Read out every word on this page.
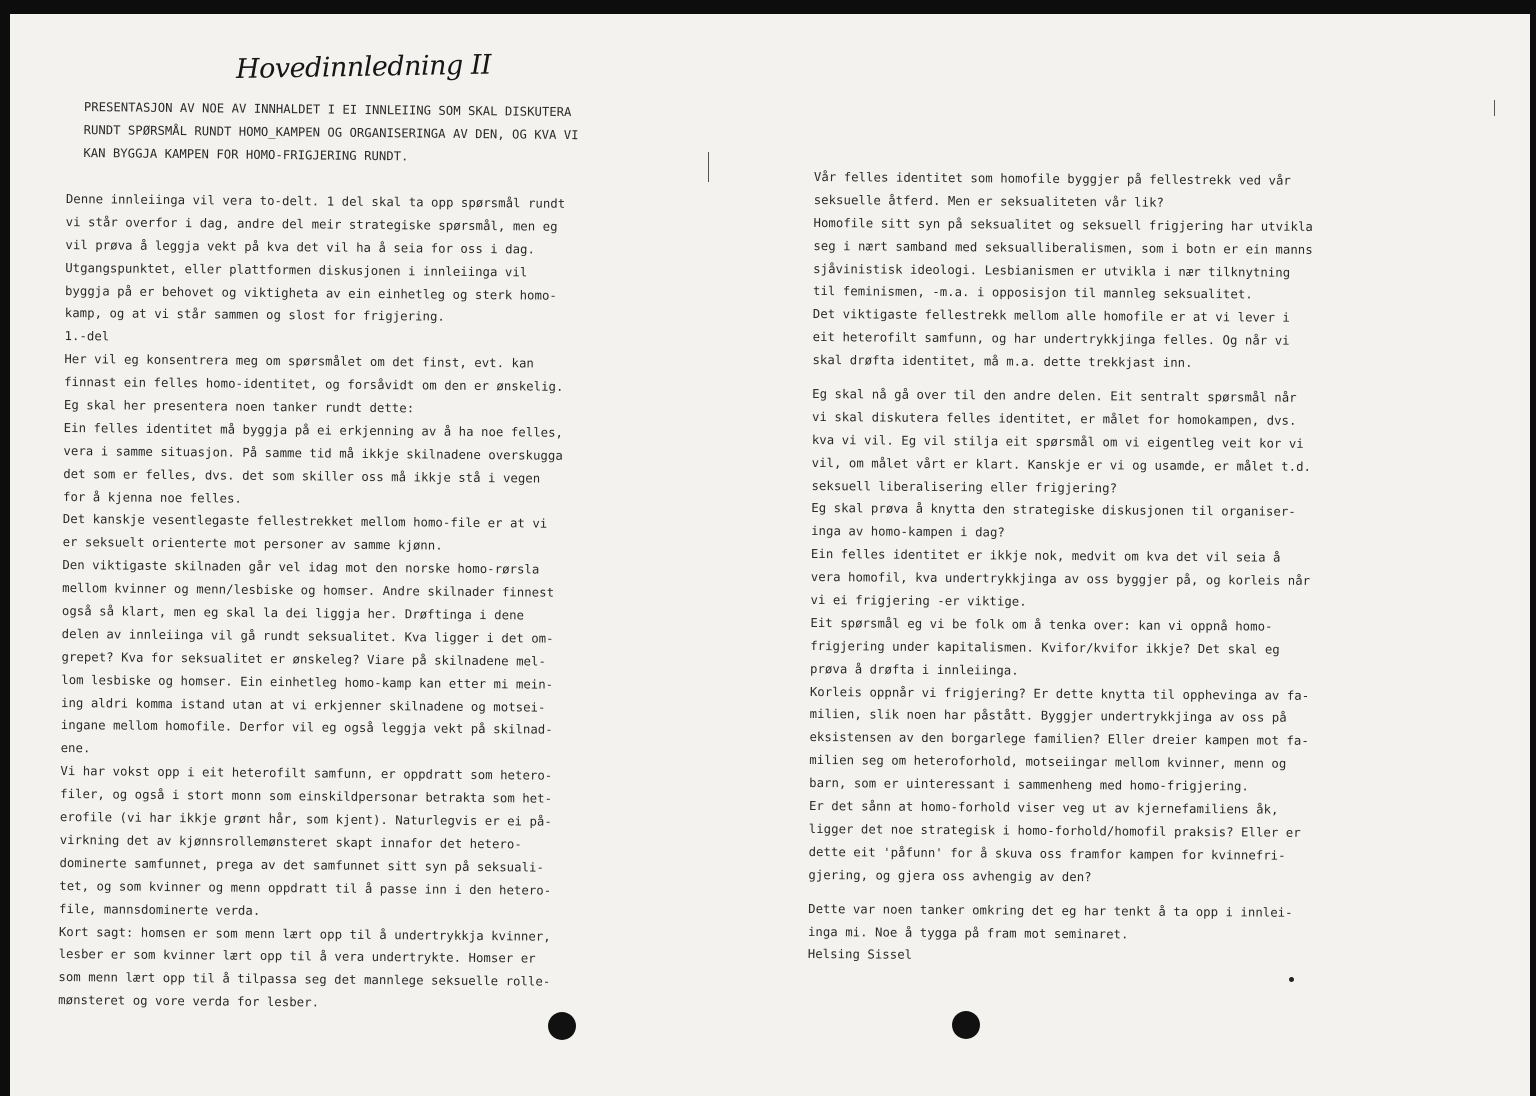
Hovedinnledning II
PRESENTASJON AV NOE AV INNHALDET I EI INNLEIING SOM SKAL DISKUTERA
RUNDT SPØRSMÅL RUNDT HOMO_KAMPEN OG ORGANISERINGA AV DEN, OG KVA VI
KAN BYGGJA KAMPEN FOR HOMO-FRIGJERING RUNDT.
Denne innleiinga vil vera to-delt. 1 del skal ta opp spørsmål rundt
vi står overfor i dag, andre del meir strategiske spørsmål, men eg
vil prøva å leggja vekt på kva det vil ha å seia for oss i dag.
Utgangspunktet, eller plattformen diskusjonen i innleiinga vil
byggja på er behovet og viktigheta av ein einhetleg og sterk homo-
kamp, og at vi står sammen og slost for frigjering.
1.-del
Her vil eg konsentrera meg om spørsmålet om det finst, evt. kan
finnast ein felles homo-identitet, og forsåvidt om den er ønskelig.
Eg skal her presentera noen tanker rundt dette:
Ein felles identitet må byggja på ei erkjenning av å ha noe felles,
vera i samme situasjon. På samme tid må ikkje skilnadene overskugga
det som er felles, dvs. det som skiller oss må ikkje stå i vegen
for å kjenna noe felles.
Det kanskje vesentlegaste fellestrekket mellom homo-file er at vi
er seksuelt orienterte mot personer av samme kjønn.
Den viktigaste skilnaden går vel idag mot den norske homo-rørsla
mellom kvinner og menn/lesbiske og homser. Andre skilnader finnest
også så klart, men eg skal la dei liggja her. Drøftinga i dene
delen av innleiinga vil gå rundt seksualitet. Kva ligger i det om-
grepet? Kva for seksualitet er ønskeleg? Viare på skilnadene mel-
lom lesbiske og homser. Ein einhetleg homo-kamp kan etter mi mein-
ing aldri komma istand utan at vi erkjenner skilnadene og motsei-
ingane mellom homofile. Derfor vil eg også leggja vekt på skilnad-
ene.
Vi har vokst opp i eit heterofilt samfunn, er oppdratt som hetero-
filer, og også i stort monn som einskildpersonar betrakta som het-
erofile (vi har ikkje grønt hår, som kjent). Naturlegvis er ei på-
virkning det av kjønnsrollemønsteret skapt innafor det hetero-
dominerte samfunnet, prega av det samfunnet sitt syn på seksuali-
tet, og som kvinner og menn oppdratt til å passe inn i den hetero-
file, mannsdominerte verda.
Kort sagt: homsen er som menn lært opp til å undertrykkja kvinner,
lesber er som kvinner lært opp til å vera undertrykte. Homser er
som menn lært opp til å tilpassa seg det mannlege seksuelle rolle-
mønsteret og vore verda for lesber.
Vår felles identitet som homofile byggjer på fellestrekk ved vår
seksuelle åtferd. Men er seksualiteten vår lik?
Homofile sitt syn på seksualitet og seksuell frigjering har utvikla
seg i nært samband med seksualliberalismen, som i botn er ein manns
sjåvinistisk ideologi. Lesbianismen er utvikla i nær tilknytning
til feminismen, -m.a. i opposisjon til mannleg seksualitet.
Det viktigaste fellestrekk mellom alle homofile er at vi lever i
eit heterofilt samfunn, og har undertrykkjinga felles. Og når vi
skal drøfta identitet, må m.a. dette trekkjast inn.
Eg skal nå gå over til den andre delen. Eit sentralt spørsmål når
vi skal diskutera felles identitet, er målet for homokampen, dvs.
kva vi vil. Eg vil stilja eit spørsmål om vi eigentleg veit kor vi
vil, om målet vårt er klart. Kanskje er vi og usamde, er målet t.d.
seksuell liberalisering eller frigjering?
Eg skal prøva å knytta den strategiske diskusjonen til organiser-
inga av homo-kampen i dag?
Ein felles identitet er ikkje nok, medvit om kva det vil seia å
vera homofil, kva undertrykkjinga av oss byggjer på, og korleis når
vi ei frigjering -er viktige.
Eit spørsmål eg vi be folk om å tenka over: kan vi oppnå homo-
frigjering under kapitalismen. Kvifor/kvifor ikkje? Det skal eg
prøva å drøfta i innleiinga.
Korleis oppnår vi frigjering? Er dette knytta til opphevinga av fa-
milien, slik noen har påstått. Byggjer undertrykkjinga av oss på
eksistensen av den borgarlege familien? Eller dreier kampen mot fa-
milien seg om heteroforhold, motseiingar mellom kvinner, menn og
barn, som er uinteressant i sammenheng med homo-frigjering.
Er det sånn at homo-forhold viser veg ut av kjernefamiliens åk,
ligger det noe strategisk i homo-forhold/homofil praksis? Eller er
dette eit 'påfunn' for å skuva oss framfor kampen for kvinnefri-
gjering, og gjera oss avhengig av den?
Dette var noen tanker omkring det eg har tenkt å ta opp i innlei-
inga mi. Noe å tygga på fram mot seminaret.
Helsing Sissel
